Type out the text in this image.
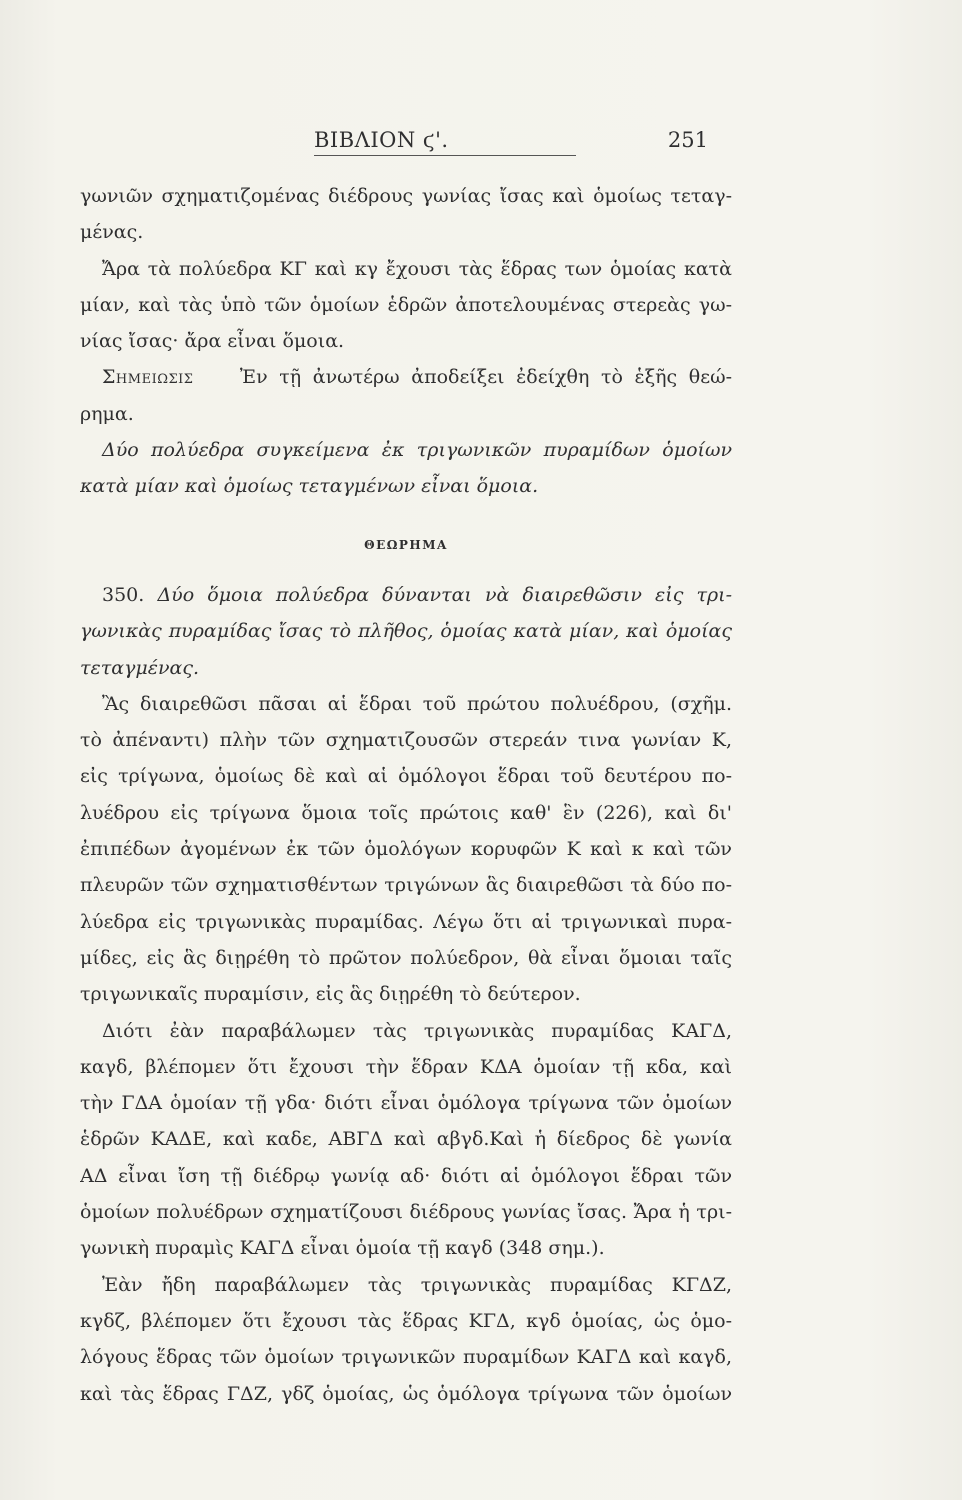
ΒΙΒΛΙΟΝ ϛ'.	251
γωνιῶν σχηματιζομένας διέδρους γωνίας ἴσας καὶ ὁμοίως τεταγ-
μένας.
Ἄρα τὰ πολύεδρα ΚΓ καὶ κγ ἔχουσι τὰς ἕδρας των ὁμοίας κατὰ
μίαν, καὶ τὰς ὑπὸ τῶν ὁμοίων ἑδρῶν ἀποτελουμένας στερεὰς γω-
νίας ἴσας· ἄρα εἶναι ὅμοια.
Σημειωσις Ἐν τῇ ἀνωτέρω ἀποδείξει ἐδείχθη τὸ ἑξῆς θεώ-
ρημα.
Δύο πολύεδρα συγκείμενα ἐκ τριγωνικῶν πυραμίδων ὁμοίων
κατὰ μίαν καὶ ὁμοίως τεταγμένων εἶναι ὅμοια.
ΘΕΩΡΗΜΑ
350. Δύο ὅμοια πολύεδρα δύνανται νὰ διαιρεθῶσιν εἰς τρι-
γωνικὰς πυραμίδας ἴσας τὸ πλῆθος, ὁμοίας κατὰ μίαν, καὶ ὁμοίας
τεταγμένας.
Ἂς διαιρεθῶσι πᾶσαι αἱ ἕδραι τοῦ πρώτου πολυέδρου, (σχῆμ.
τὸ ἀπέναντι) πλὴν τῶν σχηματιζουσῶν στερεάν τινα γωνίαν Κ,
εἰς τρίγωνα, ὁμοίως δὲ καὶ αἱ ὁμόλογοι ἕδραι τοῦ δευτέρου πο-
λυέδρου εἰς τρίγωνα ὅμοια τοῖς πρώτοις καθ' ἓν (226), καὶ δι'
ἐπιπέδων ἀγομένων ἐκ τῶν ὁμολόγων κορυφῶν Κ καὶ κ καὶ τῶν
πλευρῶν τῶν σχηματισθέντων τριγώνων ἃς διαιρεθῶσι τὰ δύο πο-
λύεδρα εἰς τριγωνικὰς πυραμίδας. Λέγω ὅτι αἱ τριγωνικαὶ πυρα-
μίδες, εἰς ἃς διῃρέθη τὸ πρῶτον πολύεδρον, θὰ εἶναι ὅμοιαι ταῖς
τριγωνικαῖς πυραμίσιν, εἰς ἃς διῃρέθη τὸ δεύτερον.
Διότι ἐὰν παραβάλωμεν τὰς τριγωνικὰς πυραμίδας ΚΑΓΔ,
καγδ, βλέπομεν ὅτι ἔχουσι τὴν ἕδραν ΚΔΑ ὁμοίαν τῇ κδα, καὶ
τὴν ΓΔΑ ὁμοίαν τῇ γδα· διότι εἶναι ὁμόλογα τρίγωνα τῶν ὁμοίων
ἑδρῶν ΚΑΔΕ, καὶ καδε, ΑΒΓΔ καὶ αβγδ.Καὶ ἡ δίεδρος δὲ γωνία
ΑΔ εἶναι ἴση τῇ διέδρῳ γωνίᾳ αδ· διότι αἱ ὁμόλογοι ἕδραι τῶν
ὁμοίων πολυέδρων σχηματίζουσι διέδρους γωνίας ἴσας. Ἄρα ἡ τρι-
γωνικὴ πυραμὶς ΚΑΓΔ εἶναι ὁμοία τῇ καγδ (348 σημ.).
Ἐὰν ἤδη παραβάλωμεν τὰς τριγωνικὰς πυραμίδας ΚΓΔΖ,
κγδζ, βλέπομεν ὅτι ἔχουσι τὰς ἕδρας ΚΓΔ, κγδ ὁμοίας, ὡς ὁμο-
λόγους ἕδρας τῶν ὁμοίων τριγωνικῶν πυραμίδων ΚΑΓΔ καὶ καγδ,
καὶ τὰς ἕδρας ΓΔΖ, γδζ ὁμοίας, ὡς ὁμόλογα τρίγωνα τῶν ὁμοίων
